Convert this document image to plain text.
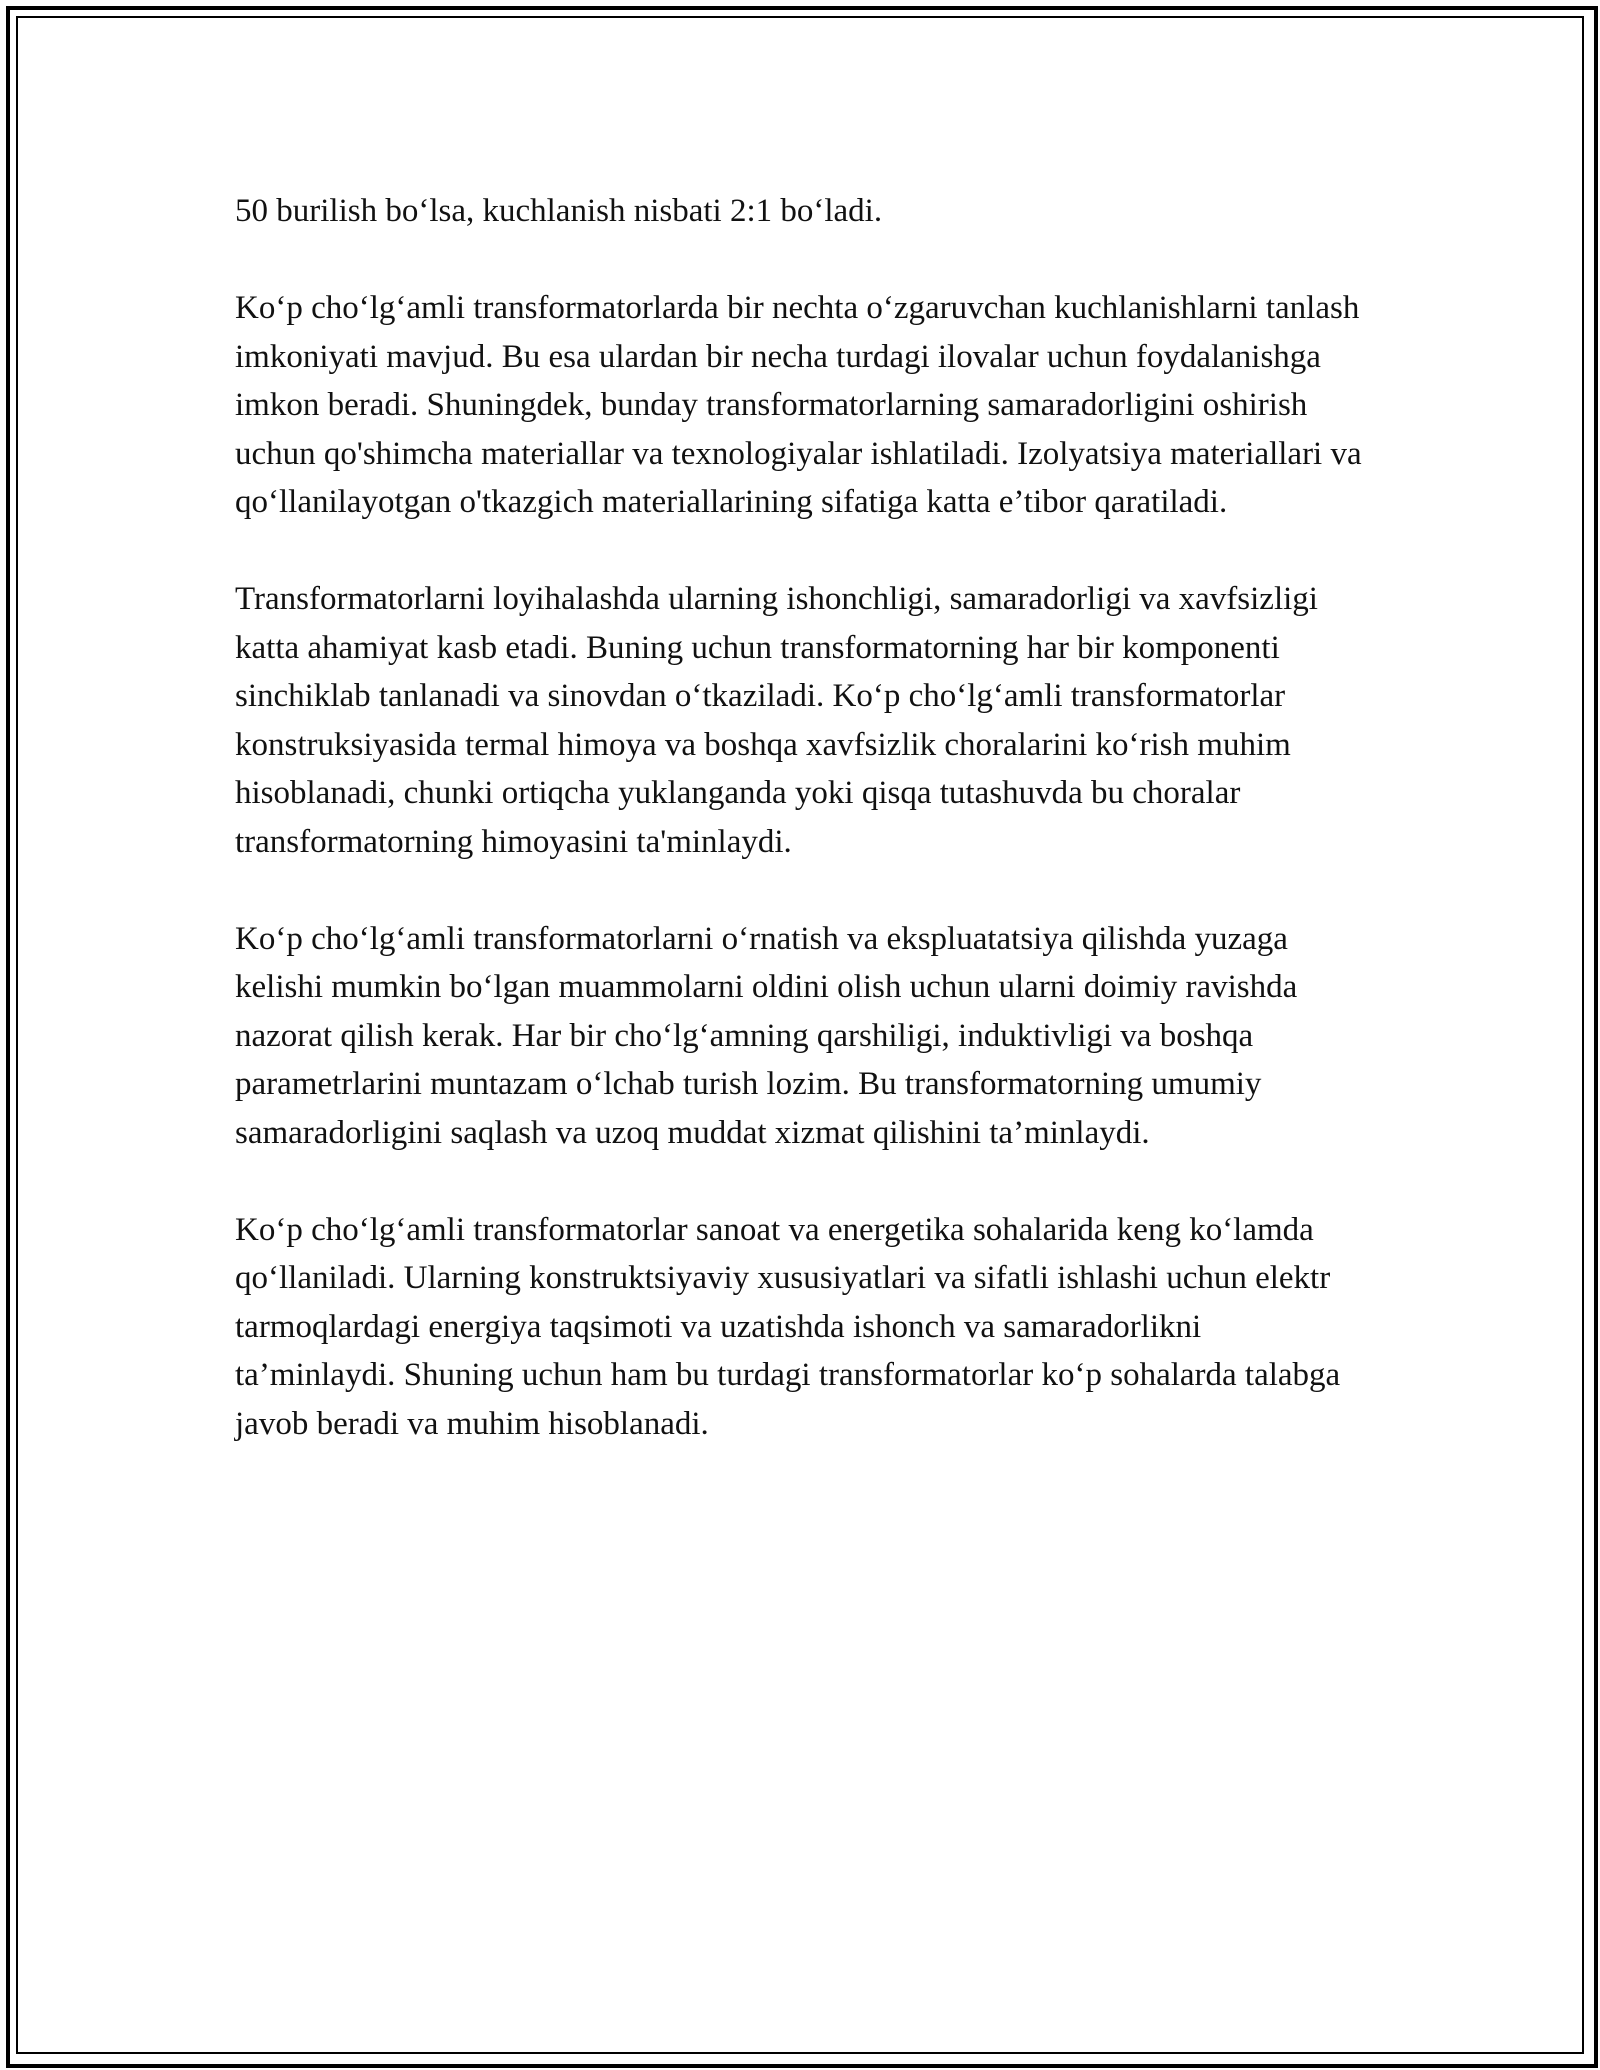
50 burilish bo‘lsa, kuchlanish nisbati 2:1 bo‘ladi.

Ko‘p cho‘lg‘amli transformatorlarda bir nechta o‘zgaruvchan kuchlanishlarni tanlash imkoniyati mavjud. Bu esa ulardan bir necha turdagi ilovalar uchun foydalanishga imkon beradi. Shuningdek, bunday transformatorlarning samaradorligini oshirish uchun qo'shimcha materiallar va texnologiyalar ishlatiladi. Izolyatsiya materiallari va qo‘llanilayotgan o'tkazgich materiallarining sifatiga katta e’tibor qaratiladi.

Transformatorlarni loyihalashda ularning ishonchligi, samaradorligi va xavfsizligi katta ahamiyat kasb etadi. Buning uchun transformatorning har bir komponenti sinchiklab tanlanadi va sinovdan o‘tkaziladi. Ko‘p cho‘lg‘amli transformatorlar konstruksiyasida termal himoya va boshqa xavfsizlik choralarini ko‘rish muhim hisoblanadi, chunki ortiqcha yuklanganda yoki qisqa tutashuvda bu choralar transformatorning himoyasini ta'minlaydi.

Ko‘p cho‘lg‘amli transformatorlarni o‘rnatish va ekspluatatsiya qilishda yuzaga kelishi mumkin bo‘lgan muammolarni oldini olish uchun ularni doimiy ravishda nazorat qilish kerak. Har bir cho‘lg‘amning qarshiligi, induktivligi va boshqa parametrlarini muntazam o‘lchab turish lozim. Bu transformatorning umumiy samaradorligini saqlash va uzoq muddat xizmat qilishini ta’minlaydi.

Ko‘p cho‘lg‘amli transformatorlar sanoat va energetika sohalarida keng ko‘lamda qo‘llaniladi. Ularning konstruktsiyaviy xususiyatlari va sifatli ishlashi uchun elektr tarmoqlardagi energiya taqsimoti va uzatishda ishonch va samaradorlikni ta’minlaydi. Shuning uchun ham bu turdagi transformatorlar ko‘p sohalarda talabga javob beradi va muhim hisoblanadi.
